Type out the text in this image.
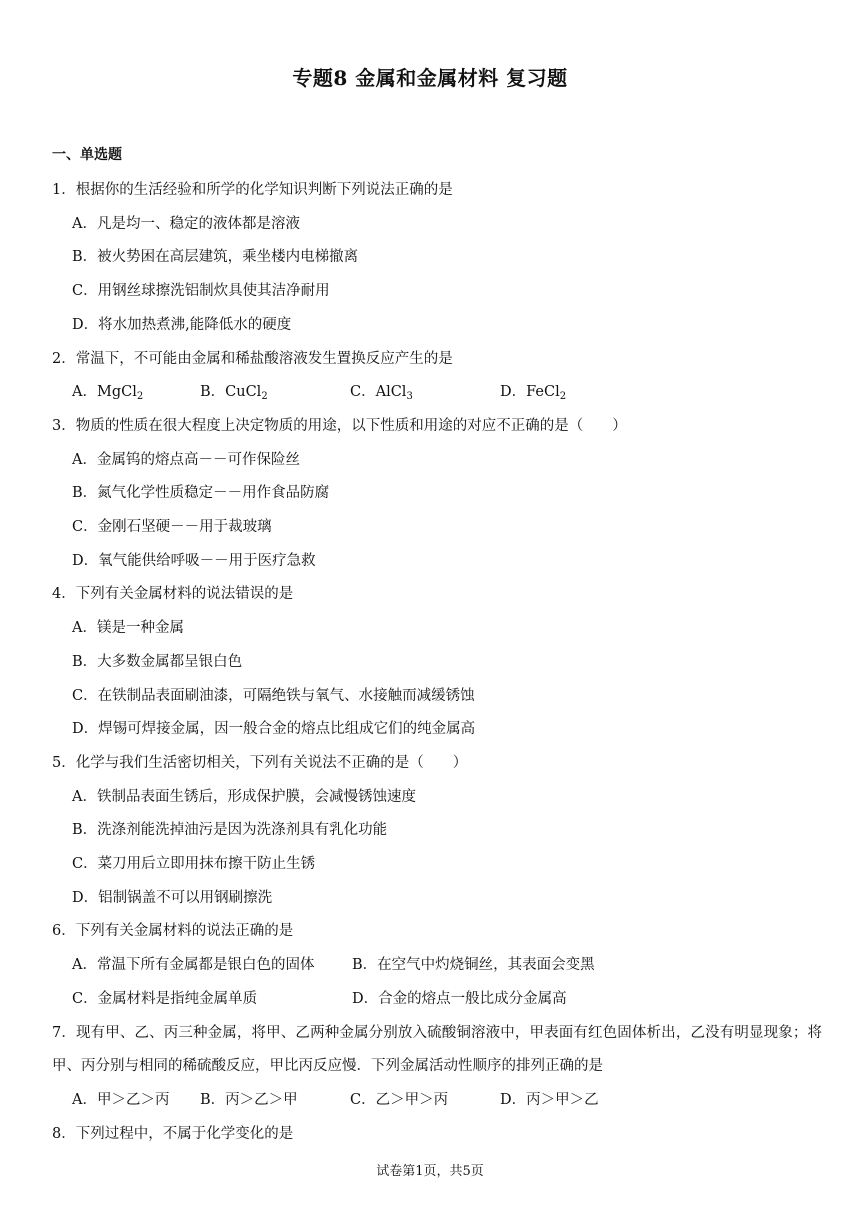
专题8 金属和金属材料 复习题
一、单选题
1．根据你的生活经验和所学的化学知识判断下列说法正确的是
A．凡是均一、稳定的液体都是溶液
B．被火势困在高层建筑，乘坐楼内电梯撤离
C．用钢丝球擦洗铝制炊具使其洁净耐用
D．将水加热煮沸,能降低水的硬度
2．常温下，不可能由金属和稀盐酸溶液发生置换反应产生的是
A．MgCl$_2$	B．CuCl$_2$	C．AlCl$_3$	D．FeCl$_2$
3．物质的性质在很大程度上决定物质的用途，以下性质和用途的对应不正确的是（　　）
A．金属钨的熔点高－－可作保险丝
B．氮气化学性质稳定－－用作食品防腐
C．金刚石坚硬－－用于裁玻璃
D．氧气能供给呼吸－－用于医疗急救
4．下列有关金属材料的说法错误的是
A．镁是一种金属
B．大多数金属都呈银白色
C．在铁制品表面刷油漆，可隔绝铁与氧气、水接触而减缓锈蚀
D．焊锡可焊接金属，因一般合金的熔点比组成它们的纯金属高
5．化学与我们生活密切相关，下列有关说法不正确的是（　　）
A．铁制品表面生锈后，形成保护膜，会减慢锈蚀速度
B．洗涤剂能洗掉油污是因为洗涤剂具有乳化功能
C．菜刀用后立即用抹布擦干防止生锈
D．铝制锅盖不可以用钢刷擦洗
6．下列有关金属材料的说法正确的是
A．常温下所有金属都是银白色的固体	B．在空气中灼烧铜丝，其表面会变黑
C．金属材料是指纯金属单质	D．合金的熔点一般比成分金属高
7．现有甲、乙、丙三种金属，将甲、乙两种金属分别放入硫酸铜溶液中，甲表面有红色固体析出，乙没有明显现象；将甲、丙分别与相同的稀硫酸反应，甲比丙反应慢．下列金属活动性顺序的排列正确的是
A．甲＞乙＞丙	B．丙＞乙＞甲	C．乙＞甲＞丙	D．丙＞甲＞乙
8．下列过程中，不属于化学变化的是
试卷第1页，共5页
